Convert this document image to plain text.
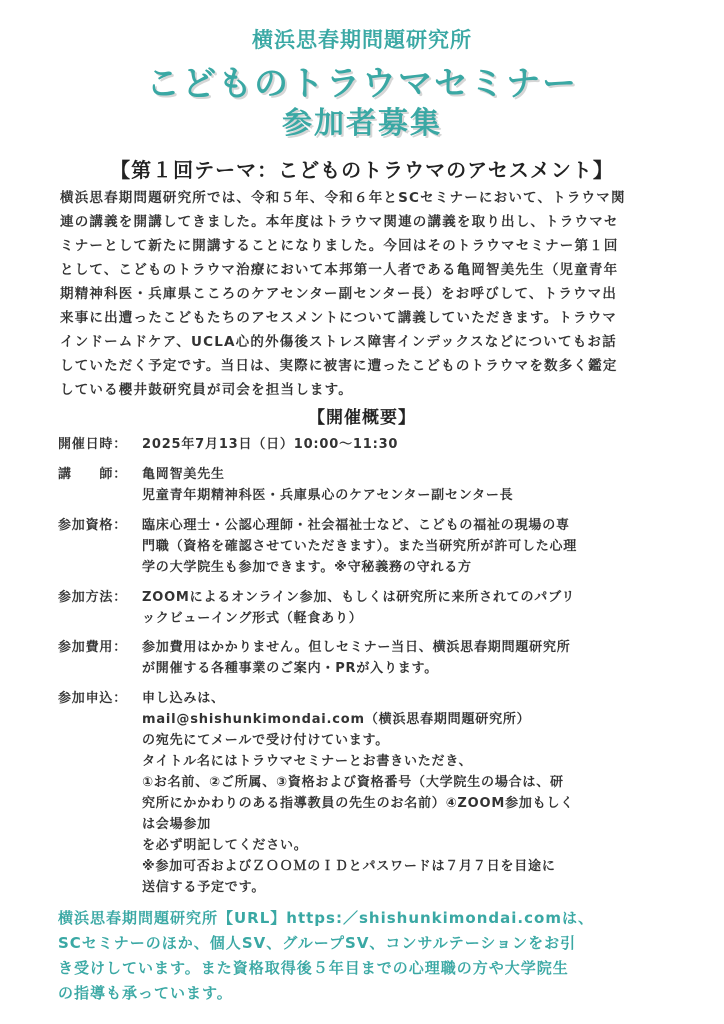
横浜思春期問題研究所
こどものトラウマセミナー
参加者募集
【第１回テーマ：こどものトラウマのアセスメント】
横浜思春期問題研究所では、令和５年、令和６年とSCセミナーにおいて、トラウマ関
連の講義を開講してきました。本年度はトラウマ関連の講義を取り出し、トラウマセ
ミナーとして新たに開講することになりました。今回はそのトラウマセミナー第１回
として、こどものトラウマ治療において本邦第一人者である亀岡智美先生（児童青年
期精神科医・兵庫県こころのケアセンター副センター長）をお呼びして、トラウマ出
来事に出遭ったこどもたちのアセスメントについて講義していただきます。トラウマ
インドームドケア、UCLA心的外傷後ストレス障害インデックスなどについてもお話
していただく予定です。当日は、実際に被害に遭ったこどものトラウマを数多く鑑定
している櫻井鼓研究員が司会を担当します。
【開催概要】
開催日時：	2025年7月13日（日）10:00～11:30
講　　師：	亀岡智美先生
児童青年期精神科医・兵庫県心のケアセンター副センター長
参加資格：	臨床心理士・公認心理師・社会福祉士など、こどもの福祉の現場の専
門職（資格を確認させていただきます）。また当研究所が許可した心理
学の大学院生も参加できます。※守秘義務の守れる方
参加方法：	ZOOMによるオンライン参加、もしくは研究所に来所されてのパブリ
ックビューイング形式（軽食あり）
参加費用：	参加費用はかかりません。但しセミナー当日、横浜思春期問題研究所
が開催する各種事業のご案内・PRが入ります。
参加申込：	申し込みは、
mail@shishunkimondai.com（横浜思春期問題研究所）
の宛先にてメールで受け付けています。
タイトル名にはトラウマセミナーとお書きいただき、
①お名前、②ご所属、③資格および資格番号（大学院生の場合は、研
究所にかかわりのある指導教員の先生のお名前）④ZOOM参加もしく
は会場参加
を必ず明記してください。
※参加可否およびＺＯＯＭのＩＤとパスワードは７月７日を目途に
送信する予定です。
横浜思春期問題研究所【URL】https:／shishunkimondai.comは、
SCセミナーのほか、個人SV、グループSV、コンサルテーションをお引
き受けしています。また資格取得後５年目までの心理職の方や大学院生
の指導も承っています。
